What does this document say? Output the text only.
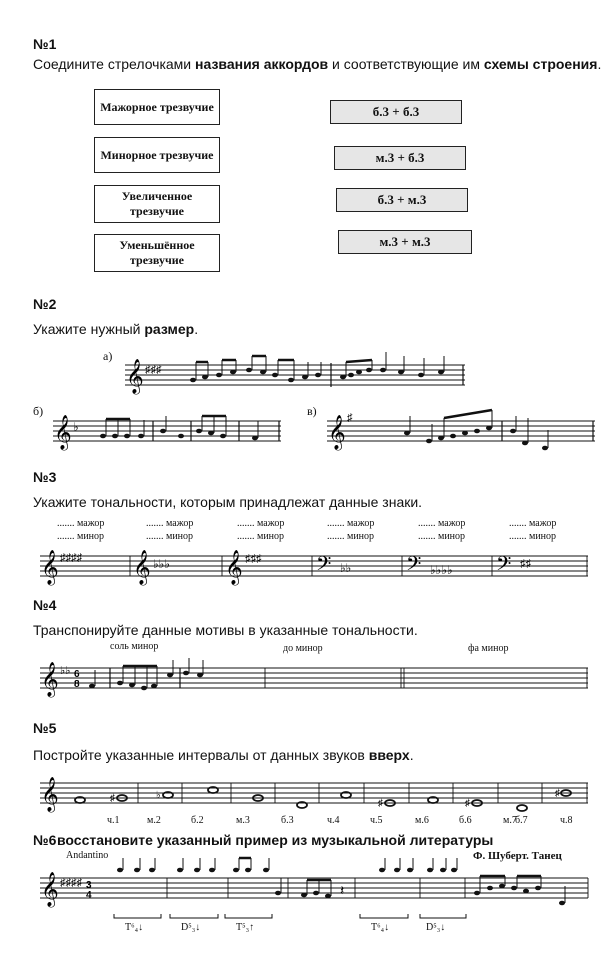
№1
Соедините стрелочками названия аккордов и соответствующие им схемы строения.
Мажорное трезвучие
Минорное трезвучие
Увеличенное трезвучие
Уменьшённое трезвучие
б.3 + б.3
м.3 + б.3
б.3 + м.3
м.3 + м.3
№2
Укажите нужный размер.
а)
𝄞 ♯♯♯
б)
𝄞 ♭
в)
𝄞 ♯
№3
Укажите тональности, которым принадлежат данные знаки.
....... мажор
....... минор
....... мажор
....... минор
....... мажор
....... минор
....... мажор
....... минор
....... мажор
....... минор
....... мажор
....... минор
𝄞 ♯♯♯♯ 𝄞 ♭♭♭ 𝄞 ♯♯♯ 𝄢 ♭♭ 𝄢 ♭♭♭♭ 𝄢 ♯♯
№4
Транспонируйте данные мотивы в указанные тональности.
соль минор	до минор	фа минор
𝄞 ♭♭ 6
8
№5
Постройте указанные интервалы от данных звуков вверх.
𝄞	♯	♭
♯	♯
♯
ч.1	м.2	б.2	м.3	б.3	ч.4	ч.5	м.6	б.6	м.7
б.7	ч.8
№6 восстановите указанный пример из музыкальной литературы
Andantino	Ф. Шуберт. Танец
𝄞 ♯♯♯♯ 3
4	𝄽
T⁶₄↓	D⁵₃↓	T⁵₃↑	T⁶₄↓	D⁵₃↓
